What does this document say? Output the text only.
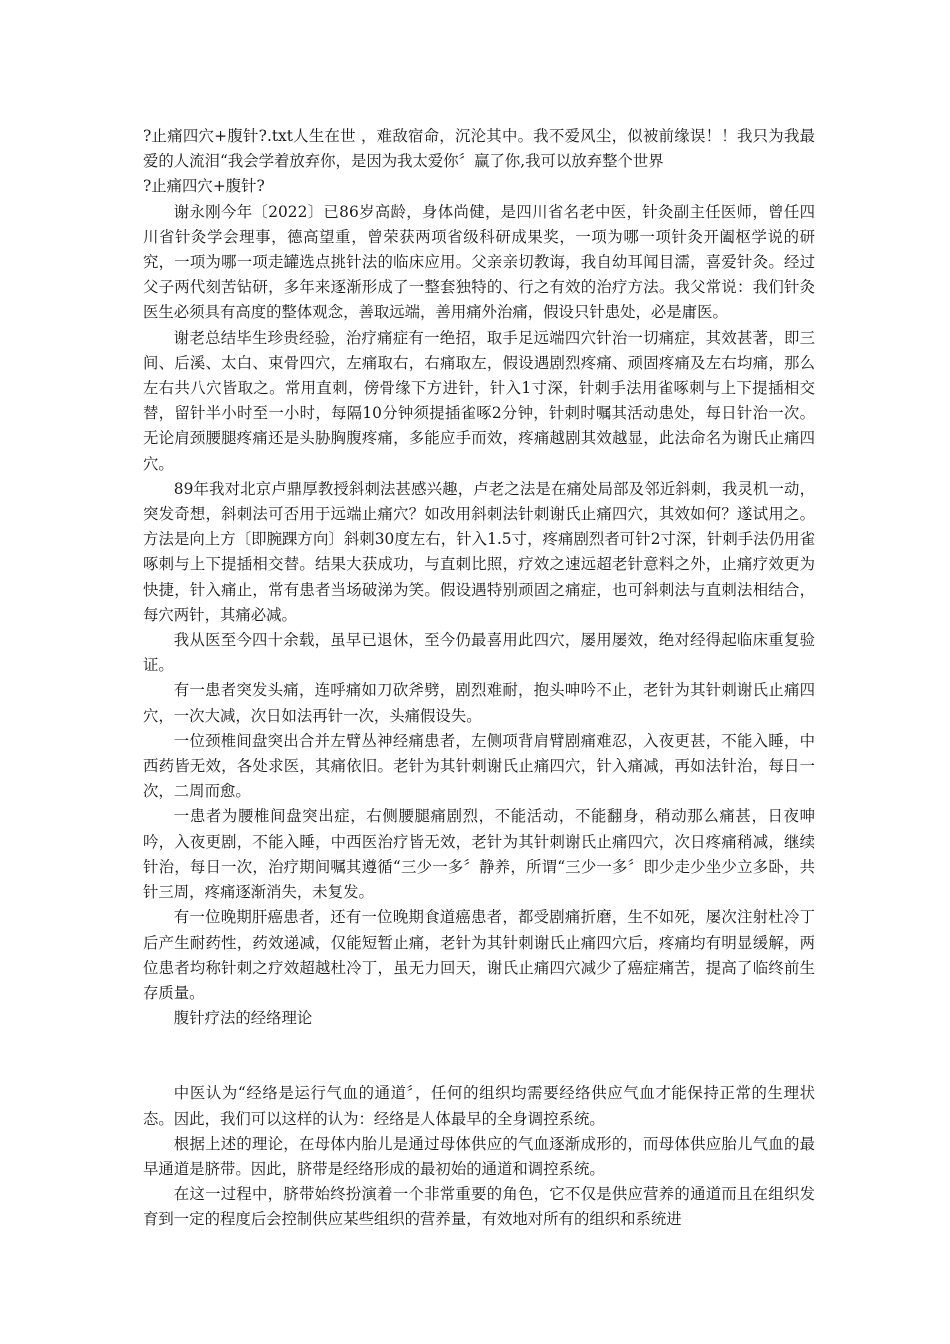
?止痛四穴+腹针?.txt人生在世 ，难敌宿命，沉沦其中。我不爱风尘，似被前缘误！！我只为我最爱的人流泪“我会学着放弃你，是因为我太爱你〞赢了你,我可以放弃整个世界

?止痛四穴+腹针?

谢永刚今年〔2022〕已86岁高龄，身体尚健，是四川省名老中医，针灸副主任医师，曾任四川省针灸学会理事，德高望重，曾荣获两项省级科研成果奖，一项为哪一项针灸开阖枢学说的研究，一项为哪一项走罐选点挑针法的临床应用。父亲亲切教诲，我自幼耳闻目濡，喜爱针灸。经过父子两代刻苦钻研，多年来逐渐形成了一整套独特的、行之有效的治疗方法。我父常说：我们针灸医生必须具有高度的整体观念，善取远端，善用痛外治痛，假设只针患处，必是庸医。

谢老总结毕生珍贵经验，治疗痛症有一绝招，取手足远端四穴针治一切痛症，其效甚著，即三间、后溪、太白、束骨四穴，左痛取右，右痛取左，假设遇剧烈疼痛、顽固疼痛及左右均痛，那么左右共八穴皆取之。常用直刺，傍骨缘下方进针，针入1寸深，针刺手法用雀啄刺与上下提插相交替，留针半小时至一小时，每隔10分钟须提插雀啄2分钟，针刺时嘱其活动患处，每日针治一次。无论肩颈腰腿疼痛还是头胁胸腹疼痛，多能应手而效，疼痛越剧其效越显，此法命名为谢氏止痛四穴。

89年我对北京卢鼎厚教授斜刺法甚感兴趣，卢老之法是在痛处局部及邻近斜刺，我灵机一动，突发奇想，斜刺法可否用于远端止痛穴？如改用斜刺法针刺谢氏止痛四穴，其效如何？遂试用之。方法是向上方〔即腕踝方向〕斜刺30度左右，针入1.5寸，疼痛剧烈者可针2寸深，针刺手法仍用雀啄刺与上下提插相交替。结果大获成功，与直刺比照，疗效之速远超老针意料之外，止痛疗效更为快捷，针入痛止，常有患者当场破涕为笑。假设遇特别顽固之痛症，也可斜刺法与直刺法相结合，每穴两针，其痛必减。

我从医至今四十余载，虽早已退休，至今仍最喜用此四穴，屡用屡效，绝对经得起临床重复验证。

有一患者突发头痛，连呼痛如刀砍斧劈，剧烈难耐，抱头呻吟不止，老针为其针刺谢氏止痛四穴，一次大减，次日如法再针一次，头痛假设失。

一位颈椎间盘突出合并左臂丛神经痛患者，左侧项背肩臂剧痛难忍，入夜更甚，不能入睡，中西药皆无效，各处求医，其痛依旧。老针为其针刺谢氏止痛四穴，针入痛减，再如法针治，每日一次，二周而愈。

一患者为腰椎间盘突出症，右侧腰腿痛剧烈，不能活动，不能翻身，稍动那么痛甚，日夜呻吟，入夜更剧，不能入睡，中西医治疗皆无效，老针为其针刺谢氏止痛四穴，次日疼痛稍减，继续针治，每日一次，治疗期间嘱其遵循“三少一多〞静养，所谓“三少一多〞即少走少坐少立多卧，共针三周，疼痛逐渐消失，未复发。

有一位晚期肝癌患者，还有一位晚期食道癌患者，都受剧痛折磨，生不如死，屡次注射杜冷丁后产生耐药性，药效递减，仅能短暂止痛，老针为其针刺谢氏止痛四穴后，疼痛均有明显缓解，两位患者均称针刺之疗效超越杜冷丁，虽无力回天，谢氏止痛四穴减少了癌症痛苦，提高了临终前生存质量。

腹针疗法的经络理论

中医认为“经络是运行气血的通道〞，任何的组织均需要经络供应气血才能保持正常的生理状态。因此，我们可以这样的认为：经络是人体最早的全身调控系统。

根据上述的理论，在母体内胎儿是通过母体供应的气血逐渐成形的，而母体供应胎儿气血的最早通道是脐带。因此，脐带是经络形成的最初始的通道和调控系统。

在这一过程中，脐带始终扮演着一个非常重要的角色，它不仅是供应营养的通道而且在组织发育到一定的程度后会控制供应某些组织的营养量，有效地对所有的组织和系统进
